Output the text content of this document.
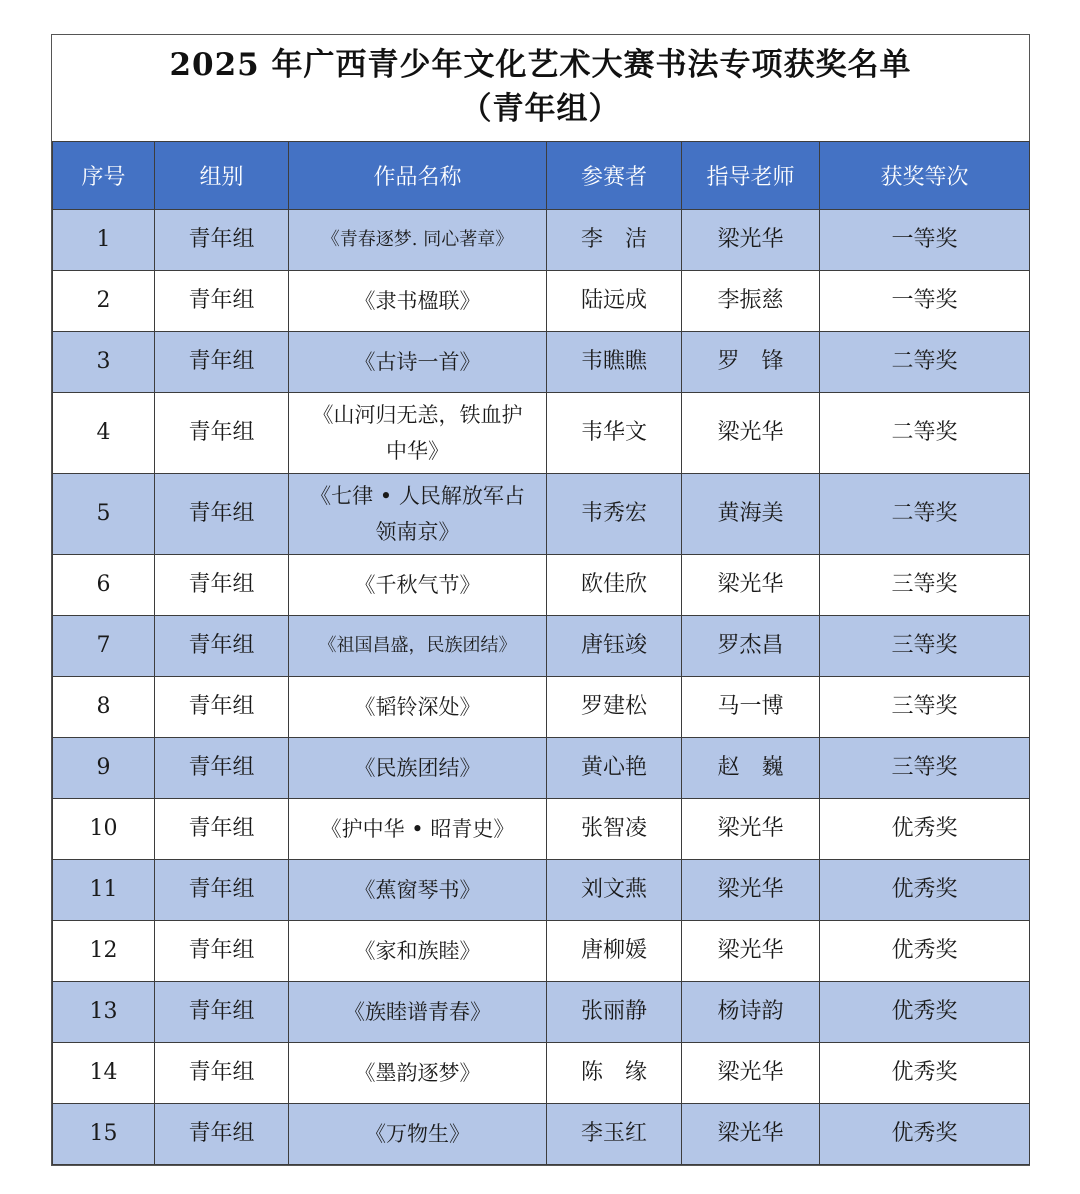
2025 年广西青少年文化艺术大赛书法专项获奖名单
（青年组）
序号	组别	作品名称	参赛者	指导老师	获奖等次
1	青年组	《青春逐梦. 同心著章》	李　洁	梁光华	一等奖
2	青年组	《隶书楹联》	陆远成	李振慈	一等奖
3	青年组	《古诗一首》	韦瞧瞧	罗　锋	二等奖
4	青年组	《山河归无恙，铁血护中华》	韦华文	梁光华	二等奖
5	青年组	《七律 • 人民解放军占领南京》	韦秀宏	黄海美	二等奖
6	青年组	《千秋气节》	欧佳欣	梁光华	三等奖
7	青年组	《祖国昌盛，民族团结》	唐钰竣	罗杰昌	三等奖
8	青年组	《韬铃深处》	罗建松	马一博	三等奖
9	青年组	《民族团结》	黄心艳	赵　巍	三等奖
10	青年组	《护中华 • 昭青史》	张智凌	梁光华	优秀奖
11	青年组	《蕉窗琴书》	刘文燕	梁光华	优秀奖
12	青年组	《家和族睦》	唐柳媛	梁光华	优秀奖
13	青年组	《族睦谱青春》	张丽静	杨诗韵	优秀奖
14	青年组	《墨韵逐梦》	陈　缘	梁光华	优秀奖
15	青年组	《万物生》	李玉红	梁光华	优秀奖
